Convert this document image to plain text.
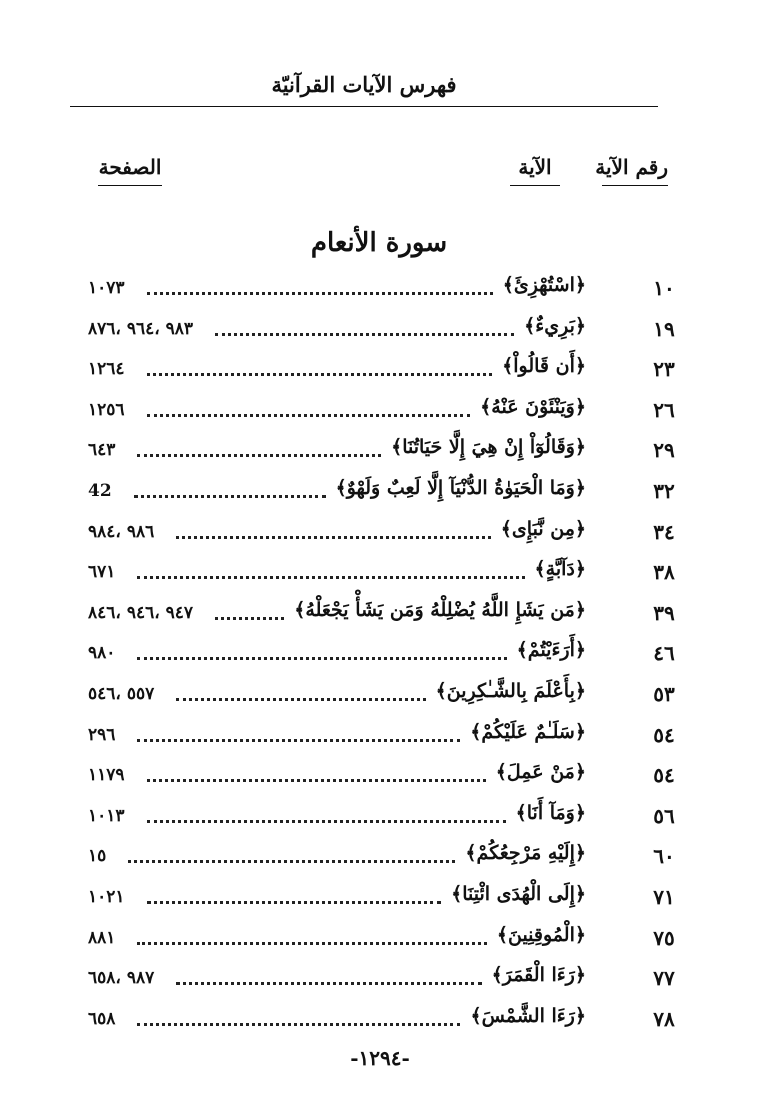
فهرس الآيات القرآنيّة
رقم الآية
الآية
الصفحة
سورة الأنعام
١٠
﴿اسْتُهْزِئَ﴾
١٠٧٣
١٩
﴿بَرِيءٌ﴾
٩٨٣ ،٩٦٤ ،٨٧٦
٢٣
﴿أَن قَالُواْ﴾
١٢٦٤
٢٦
﴿وَيَنْئَوْنَ عَنْهُ﴾
١٢٥٦
٢٩
﴿وَقَالُوٓاْ إِنْ هِيَ إِلَّا حَيَاتُنَا﴾
٦٤٣
٣٢
﴿وَمَا الْحَيَوٰةُ الدُّنْيَآ إِلَّا لَعِبٌ وَلَهْوٌ﴾
42
٣٤
﴿مِن نَّبَإِى﴾
٩٨٦ ،٩٨٤
٣٨
﴿دَآبَّةٍ﴾
٦٧١
٣٩
﴿مَن يَشَإِ اللَّهُ يُضْلِلْهُ وَمَن يَشَأْ يَجْعَلْهُ﴾
٩٤٧ ،٩٤٦ ،٨٤٦
٤٦
﴿أَرَءَيْتُمْ﴾
٩٨٠
٥٣
﴿بِأَعْلَمَ بِالشَّـٰكِرِينَ﴾
٥٥٧ ،٥٤٦
٥٤
﴿سَلَـٰمٌ عَلَيْكُمْ﴾
٢٩٦
٥٤
﴿مَنْ عَمِلَ﴾
١١٧٩
٥٦
﴿وَمَآ أَنَا﴾
١٠١٣
٦٠
﴿إِلَيْهِ مَرْجِعُكُمْ﴾
١٥
٧١
﴿إِلَى الْهُدَى ائْتِنَا﴾
١٠٢١
٧٥
﴿الْمُوقِنِينَ﴾
٨٨١
٧٧
﴿رَءَا الْقَمَرَ﴾
٩٨٧ ،٦٥٨
٧٨
﴿رَءَا الشَّمْسَ﴾
٦٥٨
-١٢٩٤-
